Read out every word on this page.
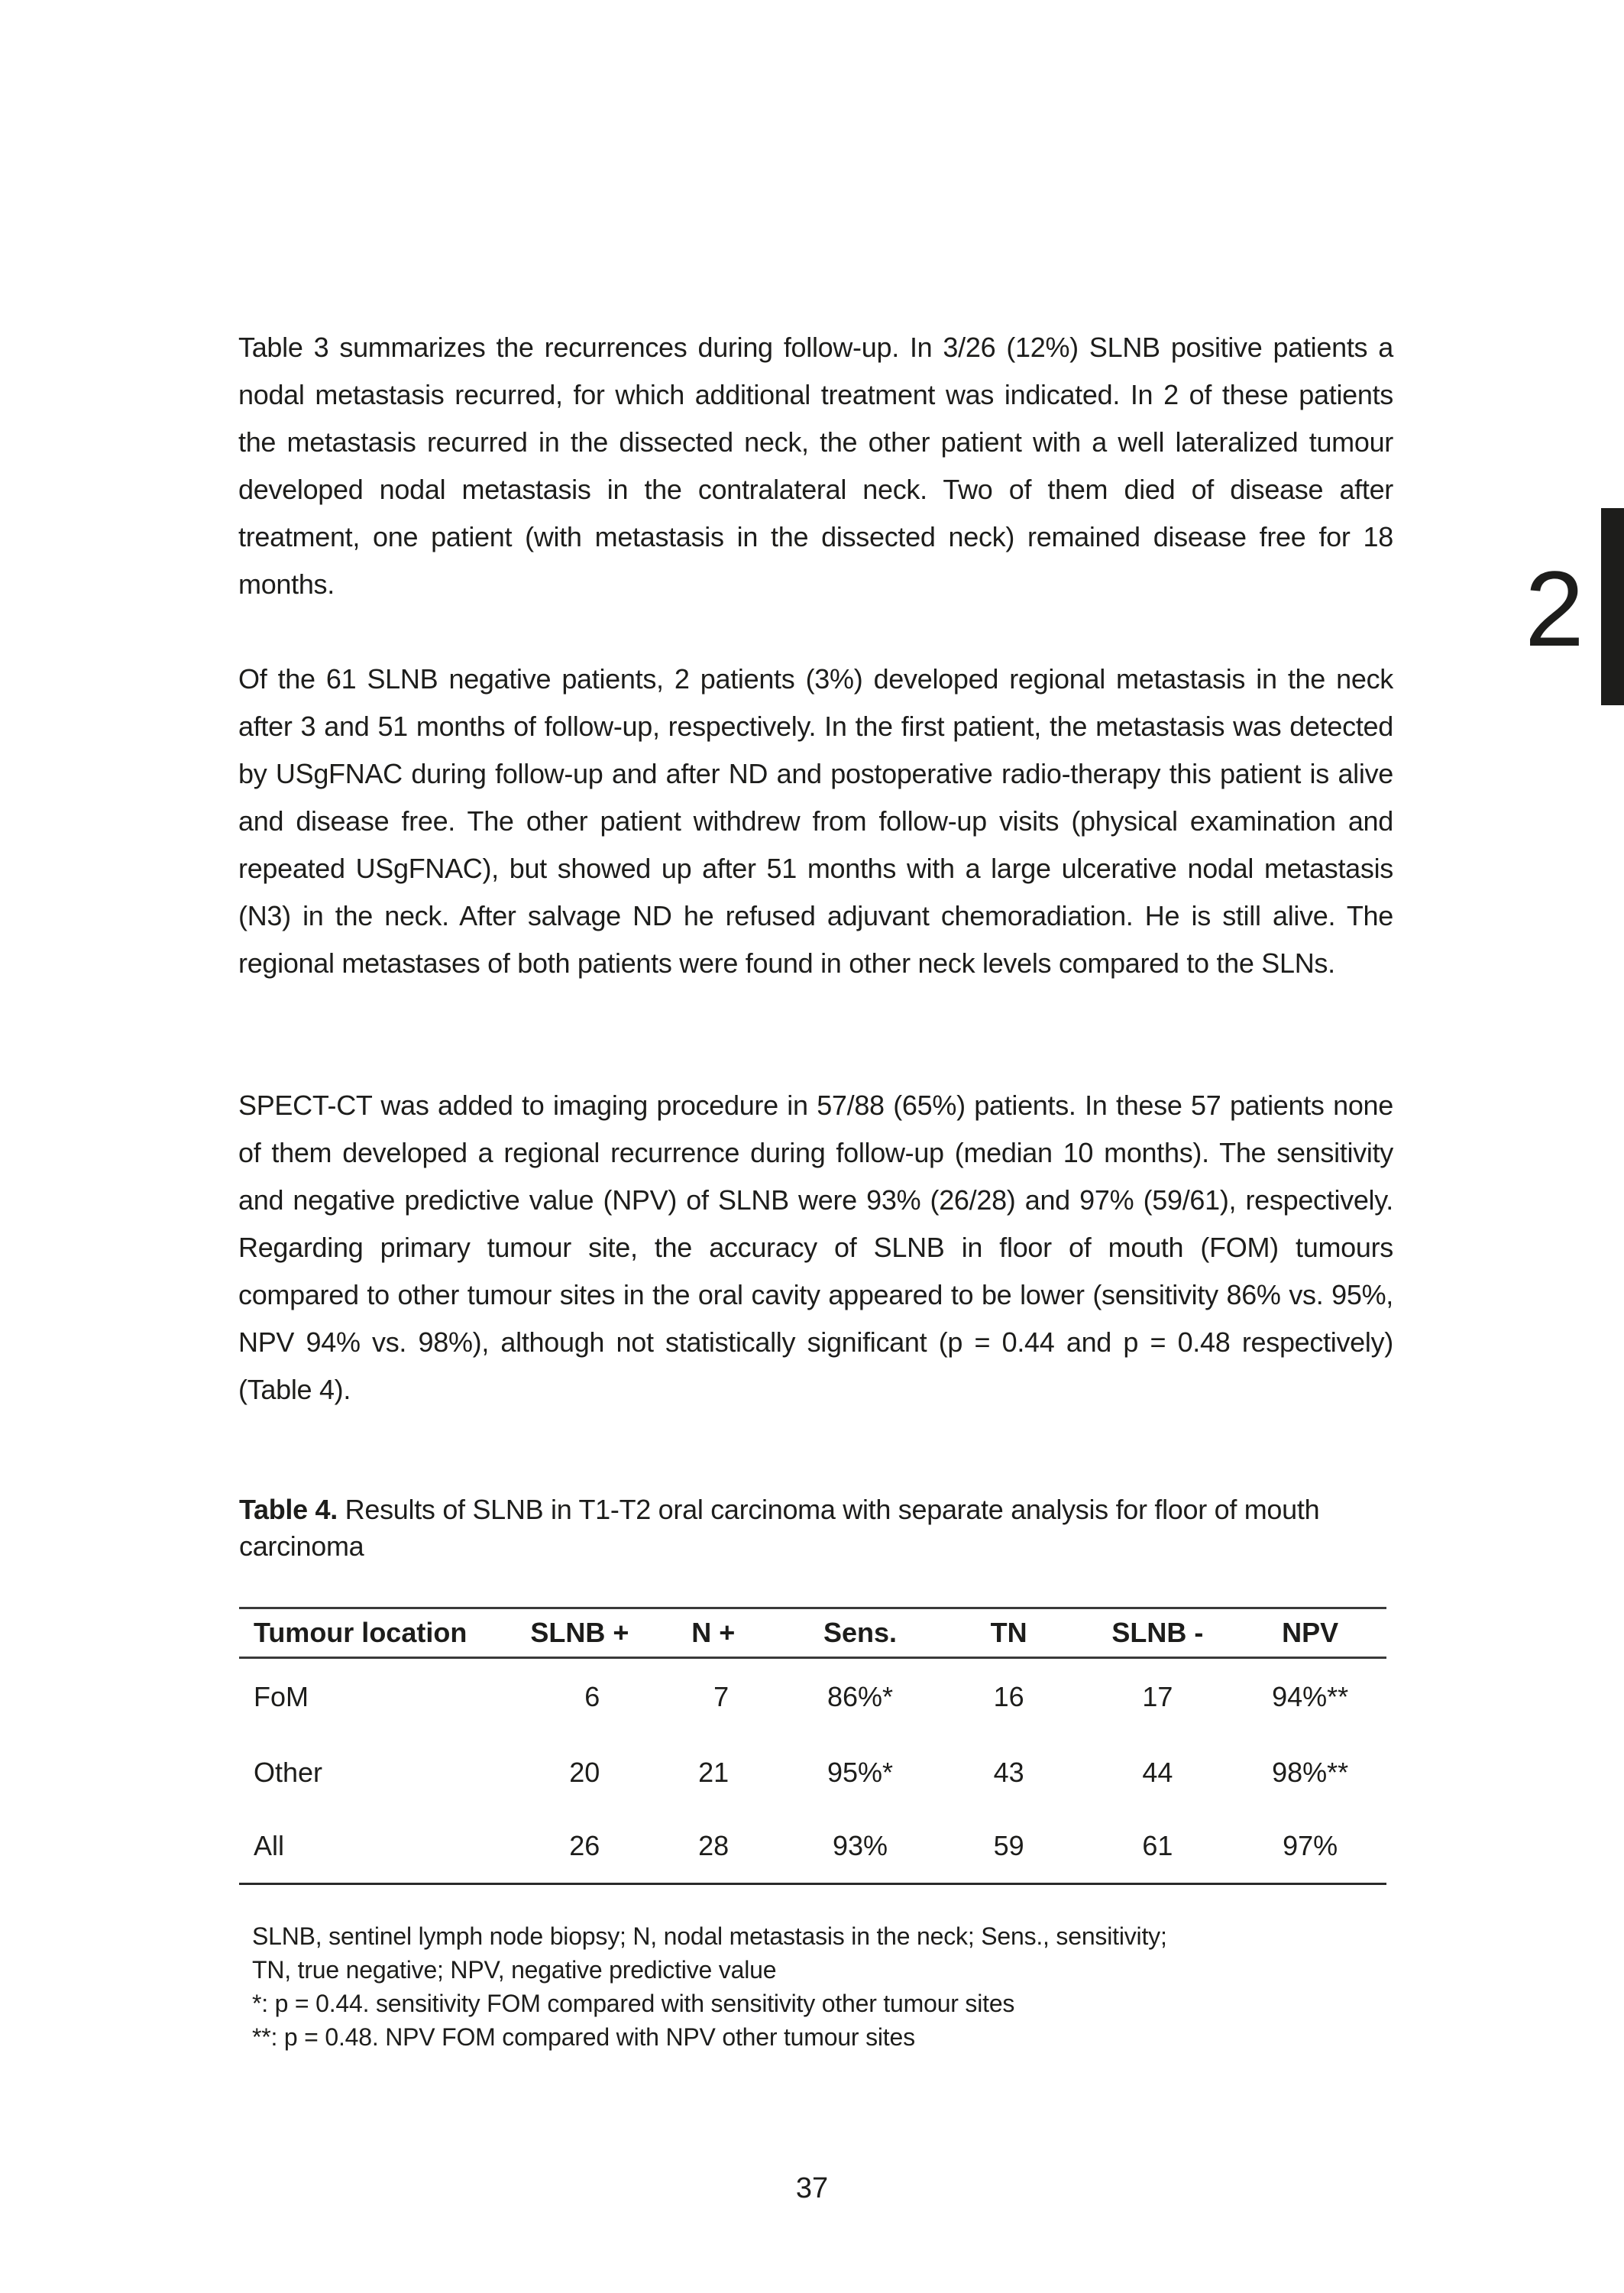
Table 3 summarizes the recurrences during follow-up. In 3/26 (12%) SLNB positive patients a nodal metastasis recurred, for which additional treatment was indicated. In 2 of these patients the metastasis recurred in the dissected neck, the other patient with a well lateralized tumour developed nodal metastasis in the contralateral neck. Two of them died of disease after treatment, one patient (with metastasis in the dissected neck) remained disease free for 18 months.

Of the 61 SLNB negative patients, 2 patients (3%) developed regional metastasis in the neck after 3 and 51 months of follow-up, respectively. In the first patient, the metastasis was detected by USgFNAC during follow-up and after ND and postoperative radio-therapy this patient is alive and disease free. The other patient withdrew from follow-up visits (physical examination and repeated USgFNAC), but showed up after 51 months with a large ulcerative nodal metastasis (N3) in the neck. After salvage ND he refused adjuvant chemoradiation. He is still alive. The regional metastases of both patients were found in other neck levels compared to the SLNs.

SPECT-CT was added to imaging procedure in 57/88 (65%) patients. In these 57 patients none of them developed a regional recurrence during follow-up (median 10 months). The sensitivity and negative predictive value (NPV) of SLNB were 93% (26/28) and 97% (59/61), respectively. Regarding primary tumour site, the accuracy of SLNB in floor of mouth (FOM) tumours compared to other tumour sites in the oral cavity appeared to be lower (sensitivity 86% vs. 95%, NPV 94% vs. 98%), although not statistically significant (p = 0.44 and p = 0.48 respectively) (Table 4).

2
Table 4. Results of SLNB in T1-T2 oral carcinoma with separate analysis for floor of mouth carcinoma
Tumour location	SLNB +	N +	Sens.	TN	SLNB -	NPV
FoM	6	7	86%*	16	17	94%**
Other	20	21	95%*	43	44	98%**
All	26	28	93%	59	61	97%

SLNB, sentinel lymph node biopsy; N, nodal metastasis in the neck; Sens., sensitivity;

TN, true negative; NPV, negative predictive value

*: p = 0.44. sensitivity FOM compared with sensitivity other tumour sites

**: p = 0.48. NPV FOM compared with NPV other tumour sites

37
